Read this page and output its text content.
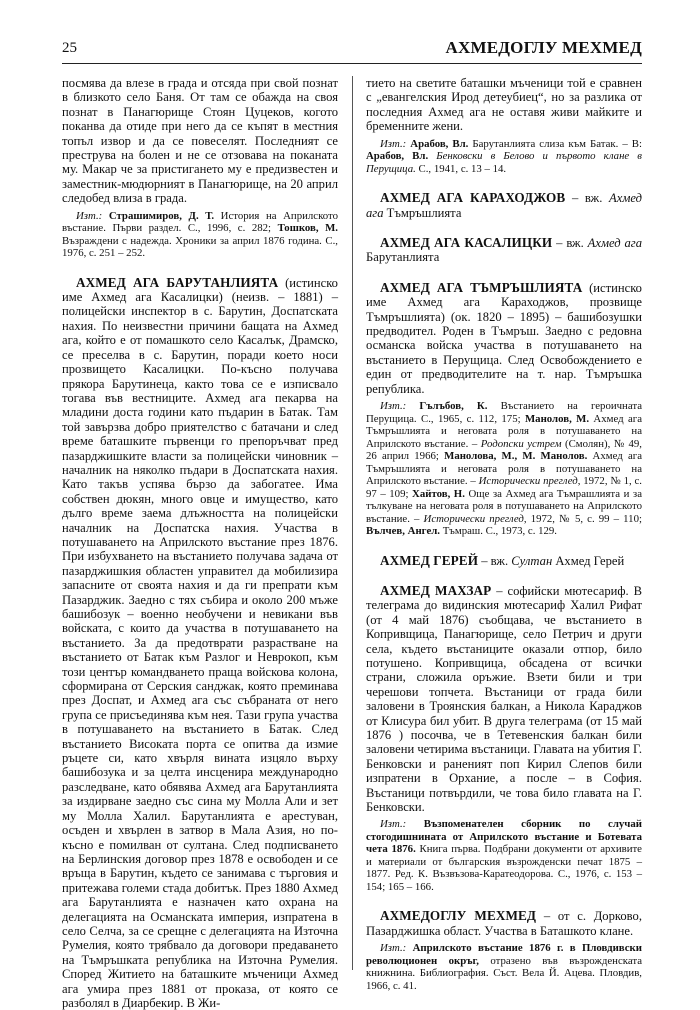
25	АХМЕДОГЛУ МЕХМЕД

посмява да влезе в града и отсяда при свой познат в близкото село Баня. От там се обажда на своя познат в Панагюрище Стоян Цуцеков, когото поканва да отиде при него да се къпят в местния топъл извор и да се повеселят. Последният се преструва на болен и не се отзовава на поканата му. Макар че за пристигането му е предизвестен и заместник-мюдюрният в Панагюрище, на 20 април следобед влиза в града.

Изт.: Страшимиров, Д. Т. История на Априлското въстание. Първи раздел. С., 1996, с. 282; Тошков, М. Възраждени с надежда. Хроники за април 1876 година. С., 1976, с. 251 – 252.

АХМЕД АГА БАРУТАНЛИЯТА (истинско име Ахмед ага Касалицки) (неизв. – 1881) – полицейски инспектор в с. Барутин, Доспатската нахия. По неизвестни причини бащата на Ахмед ага, който е от помашкото село Касалък, Драмско, се преселва в с. Барутин, поради което носи прозвището Касалицки. По-късно получава прякора Барутинеца, както това се е изписвало тогава във вестниците. Ахмед ага пекарва на младини доста години като пъдарин в Батак. Там той завързва добро приятелство с батачани и след време баташките първенци го препоръчват пред пазарджишките власти за полицейски чиновник – началник на няколко пъдари в Доспатската нахия. Като такъв успява бързо да забогатее. Има собствен дюкян, много овце и имущество, като дълго време заема длъжността на полицейски началник на Доспатска нахия. Участва в потушаването на Априлското въстание през 1876. При избухването на въстанието получава задача от пазарджишкия областен управител да мобилизира запасните от своята нахия и да ги препрати към Пазарджик. Заедно с тях събира и около 200 мъже башибозук – военно необучени и невикани във войската, с които да участва в потушаването на въстанието. За да предотврати разрастване на въстанието от Батак към Разлог и Неврокоп, към този център командването праща войскова колона, сформирана от Серския санджак, която преминава през Доспат, и Ахмед ага със събраната от него група се присъединява към нея. Тази група участва в потушаването на въстанието в Батак. След въстанието Високата порта се опитва да измие ръцете си, като хвърля вината изцяло върху башибозука и за целта инсценира международно разследване, като обявява Ахмед ага Барутанлията за издирване заедно със сина му Молла Али и зет му Молла Халил. Барутанлията е арестуван, осъден и хвърлен в затвор в Мала Азия, но по-късно е помилван от султана. След подписването на Берлинския договор през 1878 е освободен и се връща в Барутин, където се занимава с търговия и притежава големи стада добитък. През 1880 Ахмед ага Барутанлията е назначен като охрана на делегацията на Османската империя, изпратена в село Селча, за се срещне с делегацията на Източна Румелия, която трябвало да договори предаването на Тъмръшката република на Източна Румелия. Според Житието на баташките мъченици Ахмед ага умира през 1881 от проказа, от която се разболял в Диарбекир. В Жи-

тието на светите баташки мъченици той е сравнен с „евангелския Ирод детеубиец“, но за разлика от последния Ахмед ага не оставя живи майките и бременните жени.

Изт.: Арабов, Вл. Барутанлията слиза към Батак. – В: Арабов, Вл. Бенковски в Белово и първото клане в Перущица. С., 1941, с. 13 – 14.

АХМЕД АГА КАРАХОДЖОВ – вж. Ахмед ага Тъмръшлията

АХМЕД АГА КАСАЛИЦКИ – вж. Ахмед ага Барутанлията

АХМЕД АГА ТЪМРЪШЛИЯТА (истинско име Ахмед ага Караходжов, прозвище Тъмръшлията) (ок. 1820 – 1895) – башибозушки предводител. Роден в Тъмръш. Заедно с редовна османска войска участва в потушаването на въстанието в Перущица. След Освобождението е един от предводителите на т. нар. Тъмръшка република.

Изт.: Гълъбов, К. Въстанието на героичната Перущица. С., 1965, с. 112, 175; Манолов, М. Ахмед ага Тъмръшлията и неговата роля в потушаването на Априлското въстание. – Родопски устрем (Смолян), № 49, 26 април 1966; Манолова, М., М. Манолов. Ахмед ага Тъмръшлията и неговата роля в потушаването на Априлското въстание. – Исторически преглед, 1972, № 1, с. 97 – 109; Хайтов, Н. Още за Ахмед ага Тъмрашлията и за тълкуване на неговата роля в потушаването на Априлското въстание. – Исторически преглед, 1972, № 5, с. 99 – 110; Вълчев, Ангел. Тъмраш. С., 1973, с. 129.

АХМЕД ГЕРЕЙ – вж. Султан Ахмед Герей

АХМЕД МАХЗАР – софийски мютесариф. В телеграма до видинския мютесариф Халил Рифат (от 4 май 1876) съобщава, че въстанието в Копривщица, Панагюрище, село Петрич и други села, където въстаниците оказали отпор, било потушено. Копривщица, обсадена от всички страни, сложила оръжие. Взети били и три черешови топчета. Въстаници от града били заловени в Троянския балкан, а Никола Караджов от Клисура бил убит. В друга телеграма (от 15 май 1876 ) посочва, че в Тетевенския балкан били заловени четирима въстаници. Главата на убития Г. Бенковски и раненият поп Кирил Слепов били изпратени в Орхание, а после – в София. Въстаници потвърдили, че това било главата на Г. Бенковски.

Изт.: Възпоменателен сборник по случай стогодишнината от Априлското въстание и Ботевата чета 1876. Книга първа. Подбрани документи от архивите и материали от българския възрожденски печат 1875 – 1877. Ред. К. Възвъзова-Каратеодорова. С., 1976, с. 153 – 154; 165 – 166.

АХМЕДОГЛУ МЕХМЕД – от с. Дорково, Пазарджишка област. Участва в Баташкото клане.

Изт.: Априлското въстание 1876 г. в Пловдивски революционен окръг, отразено във възрожденската книжнина. Библиография. Съст. Вела Й. Ацева. Пловдив, 1966, с. 41.
